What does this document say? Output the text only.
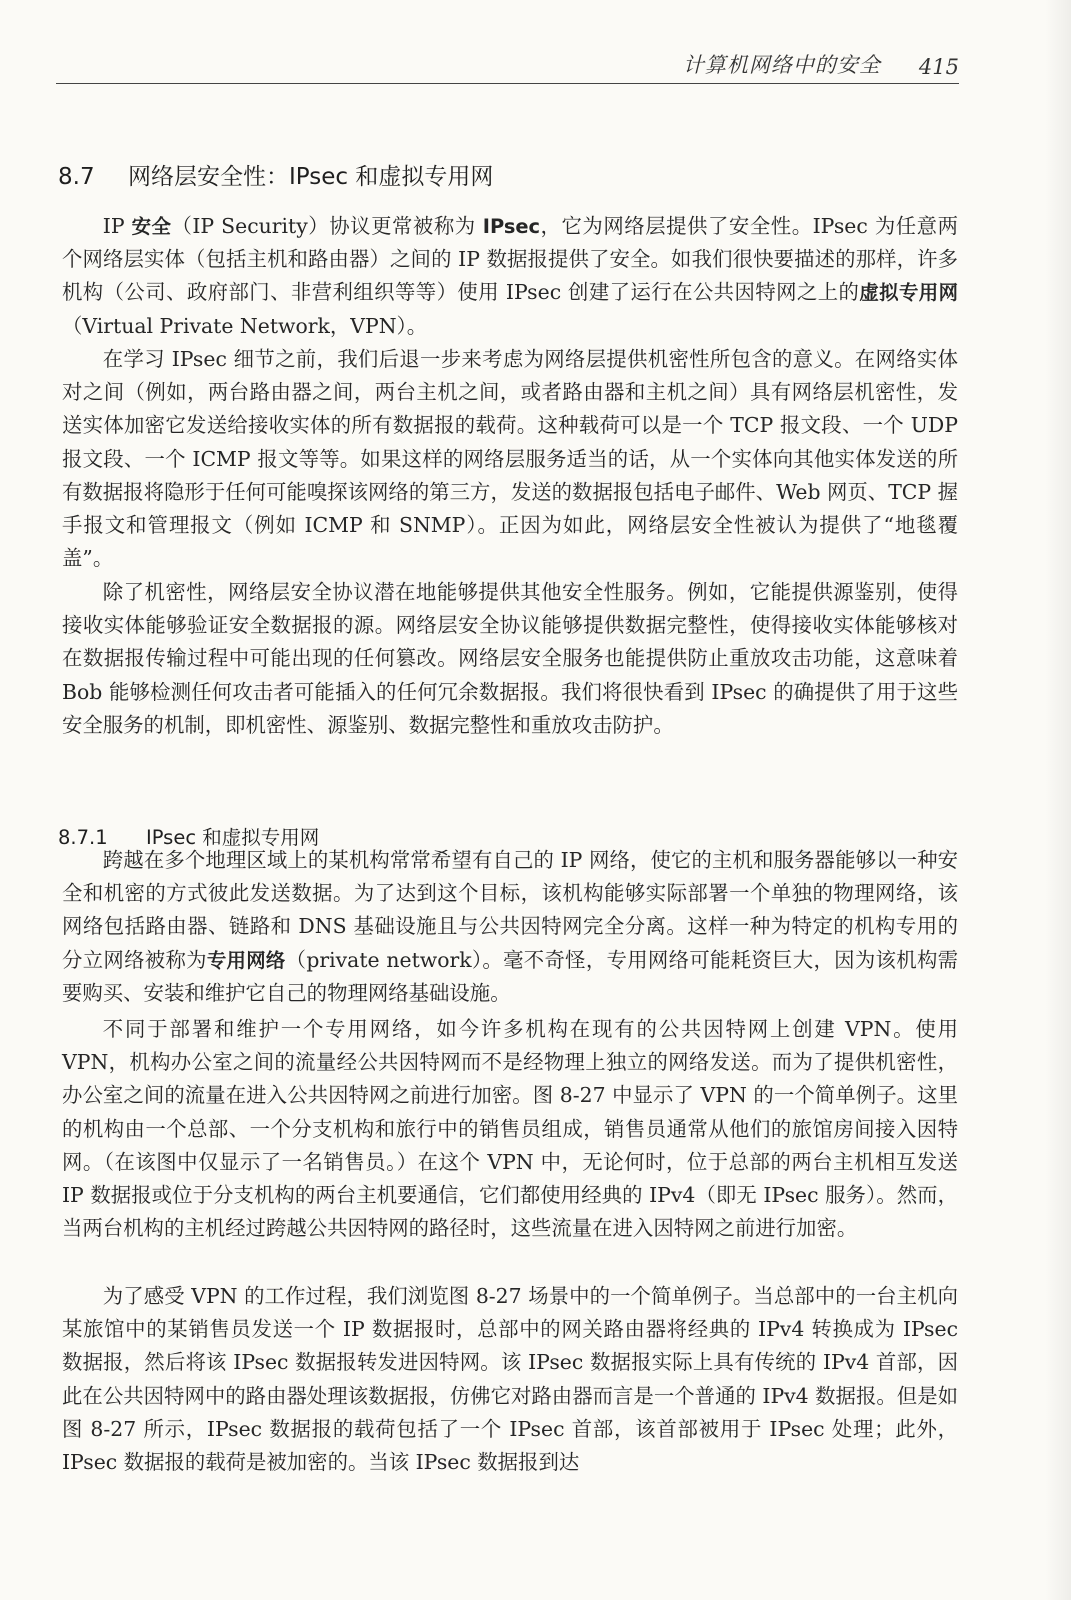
计算机网络中的安全 415
8.7 网络层安全性：IPsec 和虚拟专用网

IP 安全（IP Security）协议更常被称为 IPsec，它为网络层提供了安全性。IPsec 为任意两个网络层实体（包括主机和路由器）之间的 IP 数据报提供了安全。如我们很快要描述的那样，许多机构（公司、政府部门、非营利组织等等）使用 IPsec 创建了运行在公共因特网之上的虚拟专用网（Virtual Private Network，VPN）。

在学习 IPsec 细节之前，我们后退一步来考虑为网络层提供机密性所包含的意义。在网络实体对之间（例如，两台路由器之间，两台主机之间，或者路由器和主机之间）具有网络层机密性，发送实体加密它发送给接收实体的所有数据报的载荷。这种载荷可以是一个 TCP 报文段、一个 UDP 报文段、一个 ICMP 报文等等。如果这样的网络层服务适当的话，从一个实体向其他实体发送的所有数据报将隐形于任何可能嗅探该网络的第三方，发送的数据报包括电子邮件、Web 网页、TCP 握手报文和管理报文（例如 ICMP 和 SNMP）。正因为如此，网络层安全性被认为提供了“地毯覆盖”。

除了机密性，网络层安全协议潜在地能够提供其他安全性服务。例如，它能提供源鉴别，使得接收实体能够验证安全数据报的源。网络层安全协议能够提供数据完整性，使得接收实体能够核对在数据报传输过程中可能出现的任何篡改。网络层安全服务也能提供防止重放攻击功能，这意味着 Bob 能够检测任何攻击者可能插入的任何冗余数据报。我们将很快看到 IPsec 的确提供了用于这些安全服务的机制，即机密性、源鉴别、数据完整性和重放攻击防护。

8.7.1 IPsec 和虚拟专用网

跨越在多个地理区域上的某机构常常希望有自己的 IP 网络，使它的主机和服务器能够以一种安全和机密的方式彼此发送数据。为了达到这个目标，该机构能够实际部署一个单独的物理网络，该网络包括路由器、链路和 DNS 基础设施且与公共因特网完全分离。这样一种为特定的机构专用的分立网络被称为专用网络（private network）。毫不奇怪，专用网络可能耗资巨大，因为该机构需要购买、安装和维护它自己的物理网络基础设施。

不同于部署和维护一个专用网络，如今许多机构在现有的公共因特网上创建 VPN。使用 VPN，机构办公室之间的流量经公共因特网而不是经物理上独立的网络发送。而为了提供机密性，办公室之间的流量在进入公共因特网之前进行加密。图 8-27 中显示了 VPN 的一个简单例子。这里的机构由一个总部、一个分支机构和旅行中的销售员组成，销售员通常从他们的旅馆房间接入因特网。（在该图中仅显示了一名销售员。）在这个 VPN 中，无论何时，位于总部的两台主机相互发送 IP 数据报或位于分支机构的两台主机要通信，它们都使用经典的 IPv4（即无 IPsec 服务）。然而，当两台机构的主机经过跨越公共因特网的路径时，这些流量在进入因特网之前进行加密。

为了感受 VPN 的工作过程，我们浏览图 8-27 场景中的一个简单例子。当总部中的一台主机向某旅馆中的某销售员发送一个 IP 数据报时，总部中的网关路由器将经典的 IPv4 转换成为 IPsec 数据报，然后将该 IPsec 数据报转发进因特网。该 IPsec 数据报实际上具有传统的 IPv4 首部，因此在公共因特网中的路由器处理该数据报，仿佛它对路由器而言是一个普通的 IPv4 数据报。但是如图 8-27 所示，IPsec 数据报的载荷包括了一个 IPsec 首部，该首部被用于 IPsec 处理；此外，IPsec 数据报的载荷是被加密的。当该 IPsec 数据报到达
